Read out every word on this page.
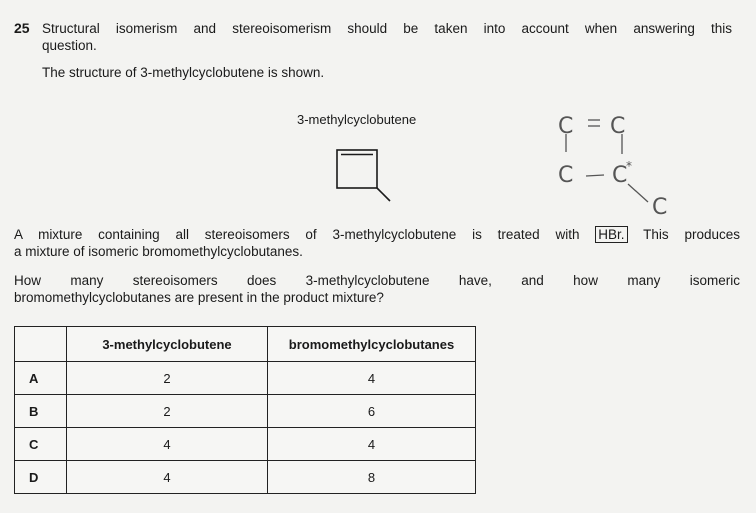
25 Structural isomerism and stereoisomerism should be taken into account when answering this
question.
The structure of 3-methylcyclobutene is shown.
3-methylcyclobutene	C C
C C
C
*
A mixture containing all stereoisomers of 3-methylcyclobutene is treated with HBr. This produces
a mixture of isomeric bromomethylcyclobutanes.
How many stereoisomers does 3-methylcyclobutene have, and how many isomeric
bromomethylcyclobutanes are present in the product mixture?
	3-methylcyclobutene	bromomethylcyclobutanes
A	2	4
B	2	6
C	4	4
D	4	8
